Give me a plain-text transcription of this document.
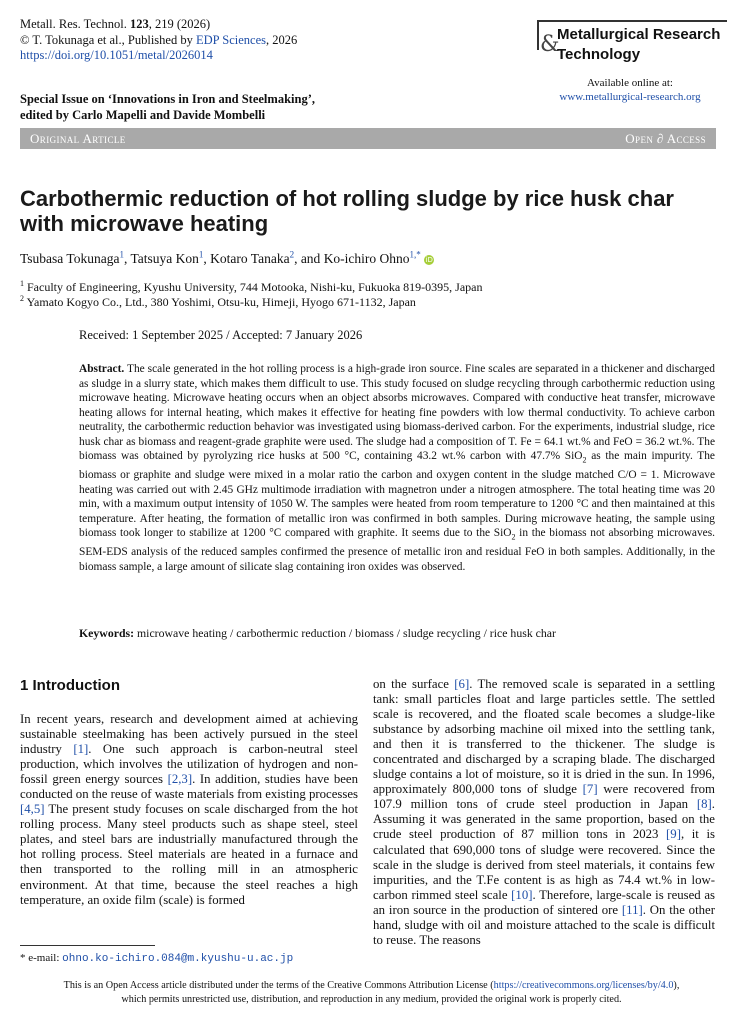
Metall. Res. Technol. 123, 219 (2026)
© T. Tokunaga et al., Published by EDP Sciences, 2026
https://doi.org/10.1051/metal/2026014	&
Metallurgical Research
Technology
Available online at:
www.metallurgical-research.org
Special Issue on ‘Innovations in Iron and Steelmaking’,
edited by Carlo Mapelli and Davide Mombelli
Original Article	Open ∂ Access
Carbothermic reduction of hot rolling sludge by rice husk char with microwave heating
Tsubasa Tokunaga$^1$, Tatsuya Kon$^1$, Kotaro Tanaka$^2$, and Ko-ichiro Ohno$^{1,*}$ iD
$^1$ Faculty of Engineering, Kyushu University, 744 Motooka, Nishi-ku, Fukuoka 819-0395, Japan
$^2$ Yamato Kogyo Co., Ltd., 380 Yoshimi, Otsu-ku, Himeji, Hyogo 671-1132, Japan
Received: 1 September 2025 / Accepted: 7 January 2026
Abstract. The scale generated in the hot rolling process is a high-grade iron source. Fine scales are separated in a thickener and discharged as sludge in a slurry state, which makes them difficult to use. This study focused on sludge recycling through carbothermic reduction using microwave heating. Microwave heating occurs when an object absorbs microwaves. Compared with conductive heat transfer, microwave heating allows for internal heating, which makes it effective for heating fine powders with low thermal conductivity. To achieve carbon neutrality, the carbothermic reduction behavior was investigated using biomass-derived carbon. For the experiments, industrial sludge, rice husk char as biomass and reagent-grade graphite were used. The sludge had a composition of T. Fe = 64.1 wt.% and FeO = 36.2 wt.%. The biomass was obtained by pyrolyzing rice husks at 500 °C, containing 43.2 wt.% carbon with 47.7% SiO$_2$ as the main impurity. The biomass or graphite and sludge were mixed in a molar ratio the carbon and oxygen content in the sludge matched C/O = 1. Microwave heating was carried out with 2.45 GHz multimode irradiation with magnetron under a nitrogen atmosphere. The total heating time was 20 min, with a maximum output intensity of 1050 W. The samples were heated from room temperature to 1200 °C and then maintained at this temperature. After heating, the formation of metallic iron was confirmed in both samples. During microwave heating, the sample using biomass took longer to stabilize at 1200 °C compared with graphite. It seems due to the SiO$_2$ in the biomass not absorbing microwaves. SEM-EDS analysis of the reduced samples confirmed the presence of metallic iron and residual FeO in both samples. Additionally, in the biomass sample, a large amount of silicate slag containing iron oxides was observed.
Keywords: microwave heating / carbothermic reduction / biomass / sludge recycling / rice husk char
1 Introduction
In recent years, research and development aimed at achieving sustainable steelmaking has been actively pursued in the steel industry [1]. One such approach is carbon-neutral steel production, which involves the utilization of hydrogen and non-fossil green energy sources [2,3]. In addition, studies have been conducted on the reuse of waste materials from existing processes [4,5] The present study focuses on scale discharged from the hot rolling process. Many steel products such as shape steel, steel plates, and steel bars are industrially manufactured through the hot rolling process. Steel materials are heated in a furnace and then transported to the rolling mill in an atmospheric environment. At that time, because the steel reaches a high temperature, an oxide film (scale) is formed
on the surface [6]. The removed scale is separated in a settling tank: small particles float and large particles settle. The settled scale is recovered, and the floated scale becomes a sludge-like substance by adsorbing machine oil mixed into the settling tank, and then it is transferred to the thickener. The sludge is concentrated and discharged by a scraping blade. The discharged sludge contains a lot of moisture, so it is dried in the sun. In 1996, approximately 800,000 tons of sludge [7] were recovered from 107.9 million tons of crude steel production in Japan [8]. Assuming it was generated in the same proportion, based on the crude steel production of 87 million tons in 2023 [9], it is calculated that 690,000 tons of sludge were recovered. Since the scale in the sludge is derived from steel materials, it contains few impurities, and the T.Fe content is as high as 74.4 wt.% in low-carbon rimmed steel scale [10]. Therefore, large-scale is reused as an iron source in the production of sintered ore [11]. On the other hand, sludge with oil and moisture attached to the scale is difficult to reuse. The reasons
* e-mail: ohno.ko-ichiro.084@m.kyushu-u.ac.jp
This is an Open Access article distributed under the terms of the Creative Commons Attribution License (https://creativecommons.org/licenses/by/4.0),
which permits unrestricted use, distribution, and reproduction in any medium, provided the original work is properly cited.
